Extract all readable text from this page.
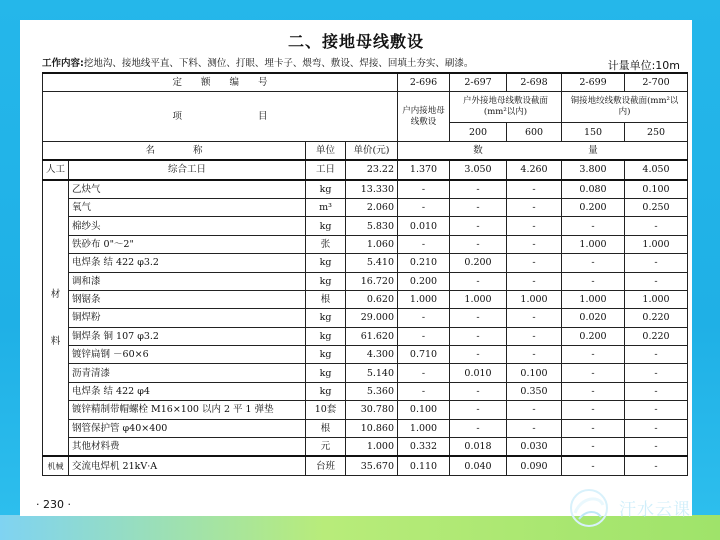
二、接地母线敷设
工作内容:挖地沟、接地线平直、下料、测位、打眼、埋卡子、煨弯、敷设、焊接、回填土夯实、刷漆。	计量单位:10m
定　　额　　编　　号				2-696	2-697	2-698	2-699	2-700
项　　　　　　　　目				户内接地母线敷设	户外接地母线敷设截面(mm²以内)		铜接地绞线敷设截面(mm²以内)	
					200	600	150	250
名　　　　称		单位	单价(元)		数		量	
人工	综合工日	工日	23.22	1.370	3.050	4.260	3.800	4.050

材
料	乙炔气	kg	13.330	-	-	-	0.080	0.100
	氧气	m³	2.060	-	-	-	0.200	0.250
	棉纱头	kg	5.830	0.010	-	-	-	-
	铁砂布 0"～2"	张	1.060	-	-	-	1.000	1.000
	电焊条 结 422 φ3.2	kg	5.410	0.210	0.200	-	-	-
	调和漆	kg	16.720	0.200	-	-	-	-
	钢锯条	根	0.620	1.000	1.000	1.000	1.000	1.000
	铜焊粉	kg	29.000	-	-	-	0.020	0.220
	铜焊条 铜 107 φ3.2	kg	61.620	-	-	-	0.200	0.220
	镀锌扁钢 －60×6	kg	4.300	0.710	-	-	-	-
	沥青清漆	kg	5.140	-	0.010	0.100	-	-
	电焊条 结 422 φ4	kg	5.360	-	-	0.350	-	-
	镀锌精制带帽螺栓 M16×100 以内 2 平 1 弹垫	10套	30.780	0.100	-	-	-	-
	钢管保护管 φ40×400	根	10.860	1.000	-	-	-	-
	其他材料费	元	1.000	0.332	0.018	0.030	-	-
机械	交流电焊机 21kV·A	台班	35.670	0.110	0.040	0.090	-	-
· 230 ·	汗水云课
